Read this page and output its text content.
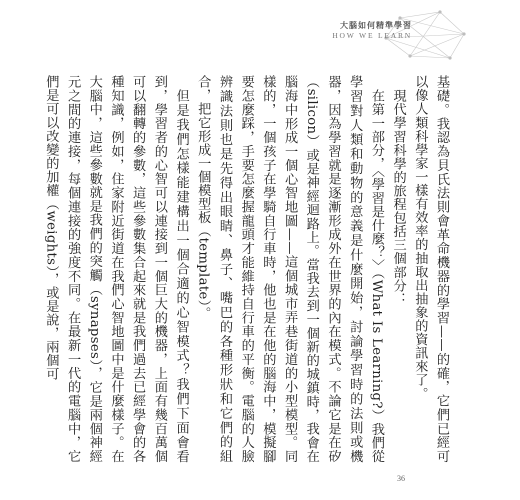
大腦如何精準學習
HOW WE LEARN

基礎。我認為貝氏法則會革命機器的學習——的確，它們已經可以像人類科學家一樣有效率的抽取出抽象的資訊來了。

現代學習科學的旅程包括三個部分：

在第一部分，〈學習是什麼？〉（What Is Learning?）我們從學習對人類和動物的意義是什麼開始，討論學習時的法則或機器，因為學習就是逐漸形成外在世界的內在模式。不論它是在矽（silicon）或是神經迴路上。當我去到一個新的城鎮時，我會在腦海中形成一個心智地圖——這個城市弄巷街道的小型模型。同樣的，一個孩子在學騎自行車時，他也是在他的腦海中，模擬腳要怎麼踩，手要怎麼握龍頭才能維持自行車的平衡。電腦的人臉辨識法則也是先得出眼睛、鼻子、嘴巴的各種形狀和它們的組合，把它形成一個模型板（template）。

但是我們怎樣能建構出一個合適的心智模式？我們下面會看到，學習者的心智可以連接到一個巨大的機器，上面有幾百萬個可以翻轉的參數，這些參數集合起來就是我們過去已經學會的各種知識，例如，住家附近街道在我們心智地圖中是什麼樣子。在大腦中，這些參數就是我們的突觸（synapses），它是兩個神經元之間的連接，每個連接的強度不同。在最新一代的電腦中，它們是可以改變的加權（weights），或是說，兩個可

36
